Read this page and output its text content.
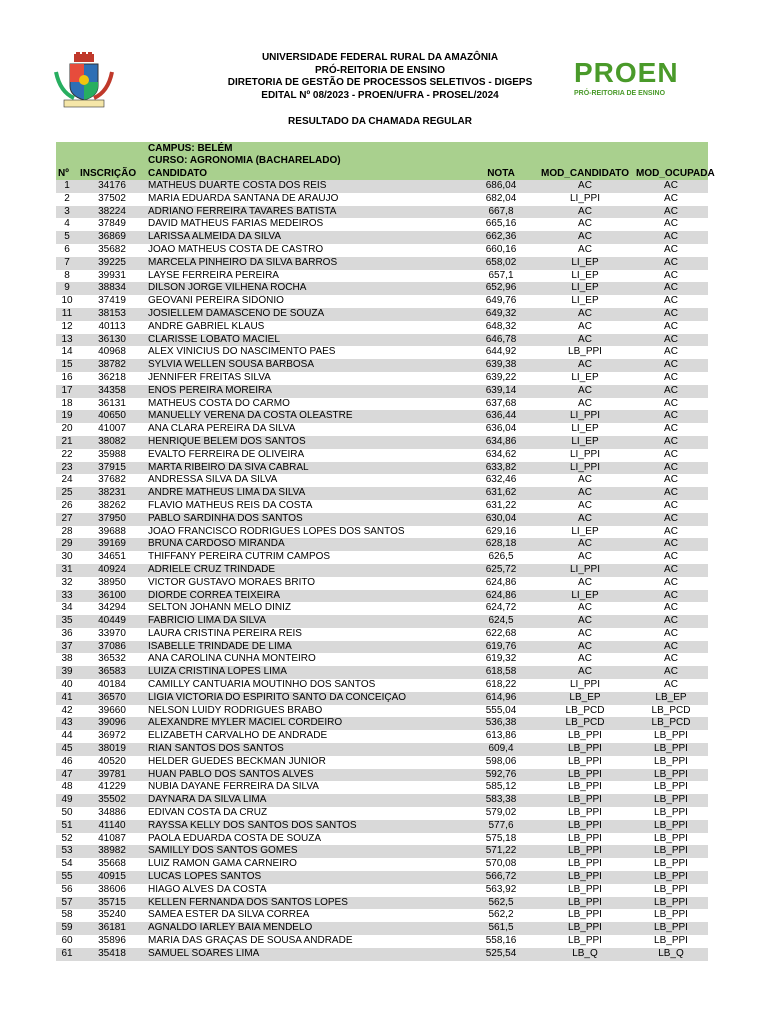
UNIVERSIDADE FEDERAL RURAL DA AMAZÔNIA
PRÓ-REITORIA DE ENSINO
DIRETORIA DE GESTÃO DE PROCESSOS SELETIVOS - DIGEPS
EDITAL Nº 08/2023 - PROEN/UFRA - PROSEL/2024
PROEN
PRÓ-REITORIA DE ENSINO
RESULTADO DA CHAMADA REGULAR
Nº	INSCRIÇÃO	CAMPUS: BELÉM
CURSO: AGRONOMIA (BACHARELADO)
CANDIDATO	NOTA	MOD_CANDIDATO	MOD_OCUPADA
1	34176	MATHEUS DUARTE COSTA DOS REIS	686,04	AC	AC
2	37502	MARIA EDUARDA SANTANA DE ARAÚJO	682,04	LI_PPI	AC
3	38224	ADRIANO FERREIRA TAVARES BATISTA	667,8	AC	AC
4	37849	DAVID MATHEUS FARIAS MEDEIROS	665,16	AC	AC
5	36869	LARISSA ALMEIDA DA SILVA	662,36	AC	AC
6	35682	JOAO MATHEUS COSTA DE CASTRO	660,16	AC	AC
7	39225	MARCELA PINHEIRO DA SILVA BARROS	658,02	LI_EP	AC
8	39931	LAYSE FERREIRA PEREIRA	657,1	LI_EP	AC
9	38834	DILSON JORGE VILHENA ROCHA	652,96	LI_EP	AC
10	37419	GEOVANI PEREIRA SIDÔNIO	649,76	LI_EP	AC
11	38153	JOSIELLEM DAMASCENO DE SOUZA	649,32	AC	AC
12	40113	ANDRÉ GABRIEL KLAUS	648,32	AC	AC
13	36130	CLARISSE LOBATO MACIEL	646,78	AC	AC
14	40968	ALEX VINICIUS DO NASCIMENTO PAES	644,92	LB_PPI	AC
15	38782	SYLVIA WELLEN SOUSA BARBOSA	639,38	AC	AC
16	36218	JENNIFER FREITAS SILVA	639,22	LI_EP	AC
17	34358	ENOS PEREIRA MOREIRA	639,14	AC	AC
18	36131	MATHEUS COSTA DO CARMO	637,68	AC	AC
19	40650	MANUELLY VERENA DA COSTA OLEASTRE	636,44	LI_PPI	AC
20	41007	ANA CLARA PEREIRA DA SILVA	636,04	LI_EP	AC
21	38082	HENRIQUE BELÉM DOS SANTOS	634,86	LI_EP	AC
22	35988	EVALTO FERREIRA DE OLIVEIRA	634,62	LI_PPI	AC
23	37915	MARTA RIBEIRO DA SIVA CABRAL	633,82	LI_PPI	AC
24	37682	ANDRESSA SILVA DA SILVA	632,46	AC	AC
25	38231	ANDRÉ MATHEUS LIMA DA SILVA	631,62	AC	AC
26	38262	FLAVIO MATHEUS REIS DA COSTA	631,22	AC	AC
27	37950	PABLO SARDINHA DOS SANTOS	630,04	AC	AC
28	39688	JOÃO FRANCISCO RODRIGUES LOPES DOS SANTOS	629,16	LI_EP	AC
29	39169	BRUNA CARDOSO MIRANDA	628,18	AC	AC
30	34651	THIFFANY PEREIRA CUTRIM CAMPOS	626,5	AC	AC
31	40924	ADRIELE CRUZ TRINDADE	625,72	LI_PPI	AC
32	38950	VICTOR GUSTAVO MORAES BRITO	624,86	AC	AC
33	36100	DIORDE CORREA TEIXEIRA	624,86	LI_EP	AC
34	34294	SELTON JOHANN MELO DINIZ	624,72	AC	AC
35	40449	FABRÍCIO LIMA DA SILVA	624,5	AC	AC
36	33970	LAURA CRISTINA PEREIRA REIS	622,68	AC	AC
37	37086	ISABELLE TRINDADE DE LIMA	619,76	AC	AC
38	36532	ANA CAROLINA CUNHA MONTEIRO	619,32	AC	AC
39	36583	LUIZA CRISTINA LOPES LIMA	618,58	AC	AC
40	40184	CAMILLY CANTUÁRIA MOUTINHO DOS SANTOS	618,22	LI_PPI	AC
41	36570	LÍGIA VICTÓRIA DO ESPIRITO SANTO DA CONCEIÇÃO	614,96	LB_EP	LB_EP
42	39660	NELSON LUIDY RODRIGUES BRABO	555,04	LB_PCD	LB_PCD
43	39096	ALEXANDRE MYLER MACIEL CORDEIRO	536,38	LB_PCD	LB_PCD
44	36972	ELIZABETH CARVALHO DE ANDRADE	613,86	LB_PPI	LB_PPI
45	38019	RIAN SANTOS DOS SANTOS	609,4	LB_PPI	LB_PPI
46	40520	HELDER GUEDES BECKMAN JUNIOR	598,06	LB_PPI	LB_PPI
47	39781	HUAN PABLO DOS SANTOS ALVES	592,76	LB_PPI	LB_PPI
48	41229	NÚBIA DAYANE FERREIRA DA SILVA	585,12	LB_PPI	LB_PPI
49	35502	DAYNARA DA SILVA LIMA	583,38	LB_PPI	LB_PPI
50	34886	EDIVAN COSTA DA CRUZ	579,02	LB_PPI	LB_PPI
51	41140	RAYSSA KELLY DOS SANTOS DOS SANTOS	577,6	LB_PPI	LB_PPI
52	41087	PAOLA EDUARDA COSTA DE SOUZA	575,18	LB_PPI	LB_PPI
53	38982	SAMILLY DOS SANTOS GOMES	571,22	LB_PPI	LB_PPI
54	35668	LUIZ RAMON GAMA CARNEIRO	570,08	LB_PPI	LB_PPI
55	40915	LUCAS LOPES SANTOS	566,72	LB_PPI	LB_PPI
56	38606	HIAGO ALVES DA COSTA	563,92	LB_PPI	LB_PPI
57	35715	KELLEN FERNANDA DOS SANTOS LOPES	562,5	LB_PPI	LB_PPI
58	35240	SAMEA ESTER DA SILVA CORREA	562,2	LB_PPI	LB_PPI
59	36181	AGNALDO IARLEY BAIA MENDELO	561,5	LB_PPI	LB_PPI
60	35896	MARIA DAS GRAÇAS DE SOUSA ANDRADE	558,16	LB_PPI	LB_PPI
61	35418	SAMUEL SOARES LIMA	525,54	LB_Q	LB_Q
